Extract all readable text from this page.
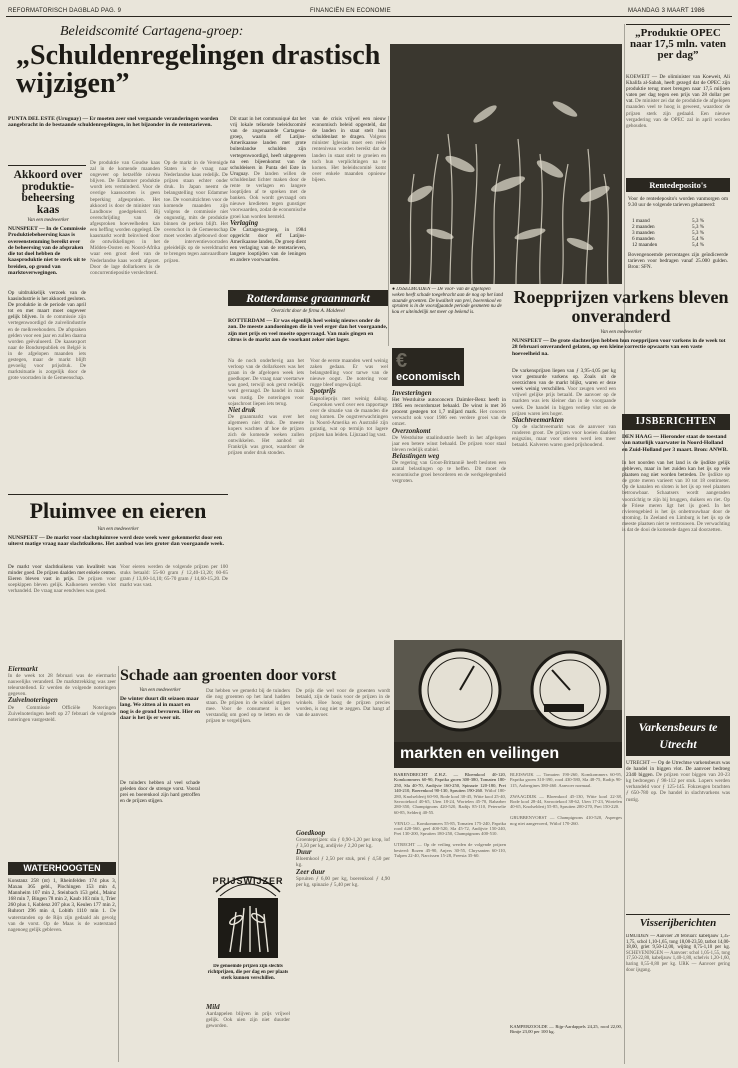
REFORMATORISCH DAGBLAD PAG. 9	FINANCIËN EN ECONOMIE	MAANDAG 3 MAART 1986
Beleidscomité Cartagena-groep:
„Schuldenregelingen drastisch wijzigen”
PUNTA DEL ESTE (Uruguay) — Er moeten zeer snel vergaande veranderingen worden aangebracht in de bestaande schuldenregelingen, in het bijzonder in de rentetarieven.
Dit staat in het communiqué dat het vrij lokale telkende beleidscomité van de zogenaamde Cartagena-groep, waarin elf Latijns-Amerikaanse landen met grote buitenlandse schulden zijn vertegenwoordigd, heeft uitgegeven na een bijeenkomst van de schuldeisers in Punta del Este in Uruguay. De landen willen de schuldenlast lichter maken door de rente te verlagen en langere looptijden af te spreken met de banken. Ook wordt gevraagd om nieuwe kredieten tegen gunstiger voorwaarden, zodat de economische groei kan worden hersteld.
Verlaging
De Cartagena-groep, in 1984 opgericht door elf Latijns-Amerikaanse landen, De groep dient een verlaging van de rentetarieven, langere looptijden van de leningen en andere voorwaarden.
van de crisis vrijwel een nieuw economisch beleid opgesteld, dat de landen in staat stelt hun schuldenlast te dragen. Volgens minister Iglesias moet een reëel renteniveau worden bereikt dat de landen in staat stelt te groeien en toch hun verplichtingen na te komen. Het beleidscomité komt over enkele maanden opnieuw bijeen.
Akkoord over produktie-beheersing kaas
Van een medewerker
NUNSPEET — In de Commissie Produktiebeheersing kaas is overeenstemming bereikt over de beheersing van de afspraken die tot doel hebben de kaasproduktie niet te sterk uit te breiden, op grond van marktoverwegingen.
Op uitdrukkelijk verzoek van de kaasindustrie is het akkoord gesloten. De produktie in de periode van april tot en met maart moet ongeveer gelijk blijven. In de commissie zijn vertegenwoordigd de zuivelindustrie en de melkveehouders. De afspraken gelden voor een jaar en zullen daarna worden geëvalueerd. De kaasexport naar de Bondsrepubliek en België is in de afgelopen maanden iets gestegen, maar de markt blijft gevoelig voor prijsdruk. De marktsituatie is zorgelijk door de grote voorraden in de Gemeenschap.
De produktie van Goudse kaas zal in de komende maanden ongeveer op hetzelfde niveau blijven. De Edammer produktie wordt iets verminderd. Voor de overige kaassoorten is geen beperking afgesproken. Het akkoord is door de minister van Landbouw goedgekeurd. Bij overschrijding van de afgesproken hoeveelheden kan een heffing worden opgelegd. De kaasmarkt wordt beïnvloed door de ontwikkelingen in het Midden-Oosten en Noord-Afrika waar een groot deel van de Nederlandse kaas wordt afgezet. Door de lage dollarkoers is de concurrentiepositie verslechterd.
Op de markt in de Verenigde Staten is de vraag naar Nederlandse kaas redelijk. De prijzen staan echter onder druk. In Japan neemt de belangstelling voor Edammer toe. De vooruitzichten voor de komende maanden zijn volgens de commissie niet ongunstig, mits de produktie binnen de perken blijft. Het overschot in de Gemeenschap moet worden afgebouwd door de interventievoorraden geleidelijk op de wereldmarkt te brengen tegen aanvaardbare prijzen.
● IJSSELMUIDEN — De voor- van de afgelopen weken heeft schade toegebracht aan de nog op het land staande groenten. De kwaliteit van prei, boerenkool en spruiten is in de voorafgaande periode gesmeten nu de kou er uiteindelijk net meer op bekend is.
„Produktie OPEC naar 17,5 mln. vaten per dag”
KOEWEIT — De oliminister van Koeweit, Ali Khalifa al-Sabah, heeft gezegd dat de OPEC zijn produktie terug moet brengen naar 17,5 miljoen vaten per dag tegen een prijs van 28 dollar per vat. De minister zei dat de produktie de afgelopen maanden veel te hoog is geweest, waardoor de prijzen sterk zijn gedaald. Een nieuwe vergadering van de OPEC zal in april worden gehouden.
Rentedeposito's
Voor de rentedeposito's worden vanmorgen om 9.30 uur de volgende tarieven gehanteerd:
1 maand	5,3 %
2 maanden	5,3 %
3 maanden	5,3 %
6 maanden	5,4 %
12 maanden	5,4 %
Bovengenoemde percentages zijn geïndiceerde tarieven voor bedragen vanaf 25.000 gulden. Bron: SFN.
Rotterdamse graanmarkt
Overzicht door de firma A. Maldevel
ROTTERDAM — Er was eigenlijk heel weinig nieuws onder de zon. De meeste aandoeningen die in veel erger dan het voorgaande, zijn met prijs en veel moeite opgevraagd. Van mais gingen en citrus is de markt aan de voorkant zeker niet lager.
Na de noch onderhevig aan het verloop van de dollarkoers was het graan in de afgelopen week iets goedkoper. De vraag naar voertarwe was goed, terwijl ook gerst redelijk werd gevraagd. De handel in mais was rustig. De noteringen voor sojaschroot liepen iets terug.
Niet druk
De graanmarkt was over het algemeen niet druk. De meeste kopers wachten af hoe de prijzen zich de komende weken zullen ontwikkelen. Het aanbod uit Frankrijk was groot, waardoor de prijzen onder druk stonden.
Voor de eerste maanden werd weinig zaken gedaan. Er was wel belangstelling voor tarwe van de nieuwe oogst. De notering voor rogge bleef ongewijzigd.
Spotprijs
Rapsolieprijs met weinig daling. Gesproken werd over een rapportage over de situatie van de maanden die nog komen. De oogstverwachtingen in Noord-Amerika en Australië zijn gunstig, wat op termijn tot lagere prijzen kan leiden. Lijnzaad lag vast.
€
economisch
Investeringen
Het Westduitse autoconcern Daimler-Benz heeft in 1985 een recordomzet behaald. De winst is met 36 procent gestegen tot 1,7 miljard mark. Het concern verwacht ook voor 1986 een verdere groei van de omzet.
Overzonkomt
De Westduitse staalindustrie heeft in het afgelopen jaar een betere winst behaald. De prijzen voor staal bleven redelijk stabiel.
Belastingen weg
De regering van Groot-Brittannië heeft besloten een aantal belastingen op te heffen. Dit moet de economische groei bevorderen en de werkgelegenheid vergroten.
Roepprijzen varkens bleven onveranderd
Van een medewerker
NUNSPEET — De grote slachterijen hebben hun roepprijzen voor varkens in de week tot 28 februari onveranderd gelaten, op een kleine correctie opwaarts van een vaste hoeveelheid na.
De varkensprijzen liepen van ƒ 3,95-4,05 per kg voor gestuurde varkens op. Zoals uit de overzichten van de markt blijkt, waren er deze week weinig verschillen. Voor zeugen werd een vrijwel gelijke prijs betaald. De aanvoer op de markten was iets kleiner dan in de voorgaande week. De handel in biggen verliep vlot en de prijzen waren iets hoger.
Slachtveemarkten
Op de slachtveemarkt was de aanvoer van runderen groot. De prijzen voor koeien daalden enigszins, maar voor stieren werd iets meer betaald. Kalveren waren goed prijshoudend.
IJSBERICHTEN
DEN HAAG — Hieronder staat de toestand van naturlijk vaarwater in Noord-Holland en Zuid-Holland per 3 maart. Bron: ANWB.
In het noorden van het land is de ijsdikte gelijk gebleven, maar in het zuiden kan het ijs op vele plaatsen nog niet worden betreden. De ijsdikte op de grote meren varieert van 10 tot 18 centimeter. Op de kanalen en sloten is het ijs op veel plaatsen betrouwbaar. Schaatsers wordt aangeraden voorzichtig te zijn bij bruggen, duikers en riet. Op de Friese meren ligt het ijs goed. In het rivierengebied is het ijs onbetrouwbaar door de stroming. In Zeeland en Limburg is het ijs op de meeste plaatsen niet te vertrouwen. De verwachting is dat de dooi de komende dagen zal doorzetten.
Pluimvee en eieren
Van een medewerker
NUNSPEET — De markt voor slachtpluimvee werd deze week weer gekenmerkt door een uiterst matige vraag naar slachtkuikens. Het aanbod was iets groter dan voorgaande week.
De markt voor slachtkuikens van kwaliteit was minder goed. De prijzen daalden met enkele centen. Eieren bleven vast in prijs. De prijzen voor soepkippen bleven gelijk. Kalkoenen werden vlot verhandeld. De vraag naar eendvlees was goed.
Voor eieren werden de volgende prijzen per 100 stuks betaald: 55-60 gram ƒ 12,40-13,20; 60-65 gram ƒ 13,60-14,10; 65-70 gram ƒ 14,60-15,20. De markt was vast.
Schade aan groenten door vorst
Eiermarkt
In de week tot 28 februari was de eiermarkt nauwelijks veranderd. De marktstrekking was zeer teleurstellend. Er werden de volgende noteringen gegeven.
Zuivelnoteringen
De Commissie Officiële Noteringen Zuivelnoteringen heeft op 27 februari de volgende noteringen vastgesteld.
WATERHOOGTEN
Konstanz 258 (nt) 1, Rheinfelden 174 plus 3, Maxau 365 gebl., Plochingen 153 min 4, Mannheim 107 min 2, Steinbach 153 gebl., Mainz 168 min 7, Bingen 78 min 2, Kaub 103 min 1, Trier 260 plus 1, Koblenz 207 plus 3, Keulen 177 min 2, Ruhrort 296 min 4, Lobith 1110 min 1. De waterstanden op de Rijn zijn gedaald als gevolg van de vorst. Op de Maas is de waterstand nagenoeg gelijk gebleven.
Van een medewerker
De winter duurt dit seizoen maar lang. We zitten al in maart en nog is de grond bevroren. Hier en daar is het ijs er weer uit.
De tuinders hebben al veel schade geleden door de strenge vorst. Vooral prei en boerenkool zijn hard getroffen en de prijzen stijgen.
Dat hebben we gemerkt bij de tuinders die nog groenten op het land hadden staan. De prijzen in de winkel stijgen mee. Voor de consument is het verstandig om goed op te letten en de prijzen te vergelijken.
De prijs die wel voor de groenten wordt betaald, zijn de basis voor de prijzen in de winkels. Hoe hoog de prijzen precies worden, is nog niet te zeggen. Dat hangt af van de aanvoer.
Goedkoop
Groenteprijzen: sla ƒ 0,90-1,20 per krop, lof ƒ 3,50 per kg, andijvie ƒ 2,20 per kg.
Duur
Bloemkool ƒ 2,50 per stuk, prei ƒ 4,50 per kg.
Zeer duur
Spruiten ƒ 6,00 per kg, boerenkool ƒ 4,90 per kg, spinazie ƒ 5,40 per kg.
PRIJSWIJZER
De genoemde prijzen zijn slechts richtprijzen, die per dag en per plaats sterk kunnen verschillen.
Mild
Aardappelen blijven in prijs vrijwel gelijk. Ook uien zijn niet duurder geworden.
markten en veilingen
BARENDRECHT Z.H.Z. — Bloemkool 40-120, Komkommers 60-90, Paprika groen 300-380, Tomaten 180-250, Sla 40-70, Andijvie 160-250, Spinazie 120-180, Prei 140-210, Boerenkool 90-130, Spruiten 190-260. Witlof 180-280, Knolselderij 60-90, Rode kool 30-45, Witte kool 25-40, Savooiekool 40-65, Uien 18-24, Wortelen 45-70, Rabarber 280-350, Champignons 420-520, Radijs 85-110, Peterselie 60-85, Selderij 40-55.

VENLO — Komkommers 55-85, Tomaten 175-240, Paprika rood 420-560, geel 400-520, Sla 45-72, Andijvie 150-240, Prei 130-200, Spruiten 180-250, Champignons 400-510.

UTRECHT — Op de veiling werden de volgende prijzen besteed: Rozen 45-90, Anjers 30-55, Chrysanten 60-110, Tulpen 22-40, Narcissen 15-28, Freesia 35-60.
BLEISWIJK — Tomaten 190-260, Komkommers 60-95, Paprika groen 310-390, rood 430-580, Sla 48-75, Radijs 90-115, Aubergines 380-460. Aanvoer normaal.

ZWAAGDIJK — Bloemkool 45-130, Witte kool 22-38, Rode kool 28-44, Savooiekool 38-62, Uien 17-23, Wortelen 40-65, Knolselderij 55-85, Spruiten 200-270, Prei 150-220.

GRUBBENVORST — Champignons 410-520, Asperges nog niet aangevoerd, Witlof 170-260.
KAMPERZOOLDE — Rijp-Aardappels 24,25, rood 22,00, Bintje 23,00 per 100 kg.
Varkensbeurs te Utrecht
UTRECHT — Op de Utrechtse varkensbeurs was de handel in biggen vlot. De aanvoer bedroeg 2340 biggen. De prijzen voor biggen van 20-23 kg bedroegen ƒ 98-112 per stuk. Lopers werden verhandeld voor ƒ 125-145. Fokzeugen brachten ƒ 650-780 op. De handel in slachtvarkens was rustig.
Visserijberichten
IJMUIDEN — Aanvoer 28 februari: kabeljauw 1,35-1,75, schol 1,10-1,65, tong 18,00-23,50, tarbot 14,00-18,00, griet 9,50-12,00, wijting 0,75-1,10 per kg. SCHEVENINGEN — Aanvoer: schol 1,05-1,55, tong 17,50-22,80, kabeljauw 1,40-1,80, schelvis 1,20-1,60, haring 0,55-0,80 per kg. URK — Aanvoer gering door ijsgang.
